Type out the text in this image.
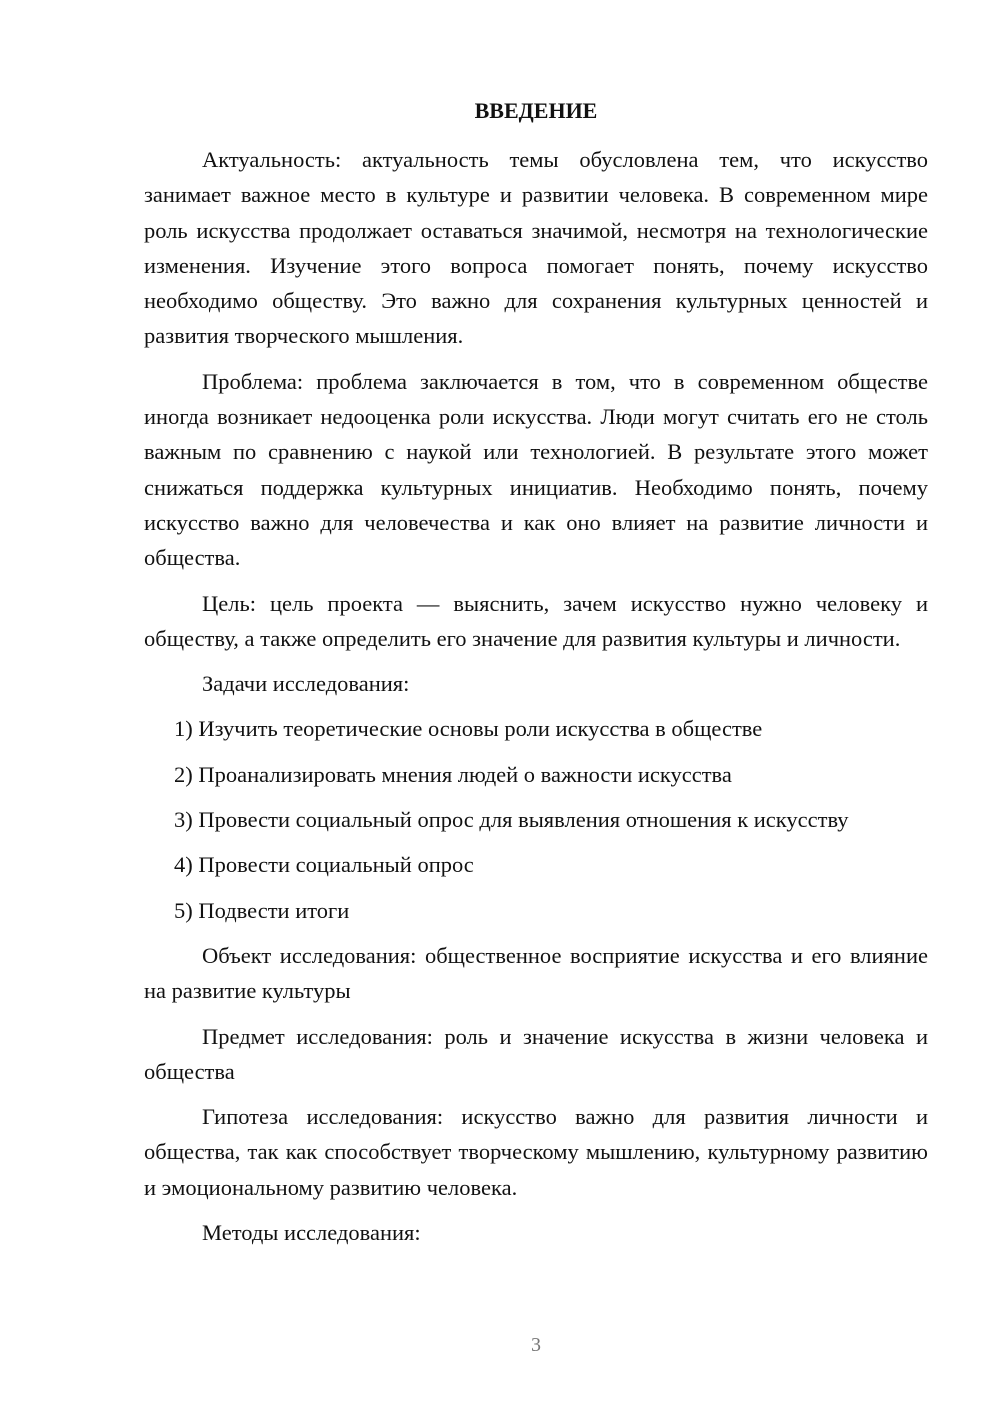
ВВЕДЕНИЕ

Актуальность: актуальность темы обусловлена тем, что искусство занимает важное место в культуре и развитии человека. В современном мире роль искусства продолжает оставаться значимой, несмотря на технологические изменения. Изучение этого вопроса помогает понять, почему искусство необходимо обществу. Это важно для сохранения культурных ценностей и развития творческого мышления.

Проблема: проблема заключается в том, что в современном обществе иногда возникает недооценка роли искусства. Люди могут считать его не столь важным по сравнению с наукой или технологией. В результате этого может снижаться поддержка культурных инициатив. Необходимо понять, почему искусство важно для человечества и как оно влияет на развитие личности и общества.

Цель: цель проекта — выяснить, зачем искусство нужно человеку и обществу, а также определить его значение для развития культуры и личности.

Задачи исследования:

1) Изучить теоретические основы роли искусства в обществе
2) Проанализировать мнения людей о важности искусства
3) Провести социальный опрос для выявления отношения к искусству
4) Провести социальный опрос
5) Подвести итоги

Объект исследования: общественное восприятие искусства и его влияние на развитие культуры

Предмет исследования: роль и значение искусства в жизни человека и общества

Гипотеза исследования: искусство важно для развития личности и общества, так как способствует творческому мышлению, культурному развитию и эмоциональному развитию человека.

Методы исследования:

3
